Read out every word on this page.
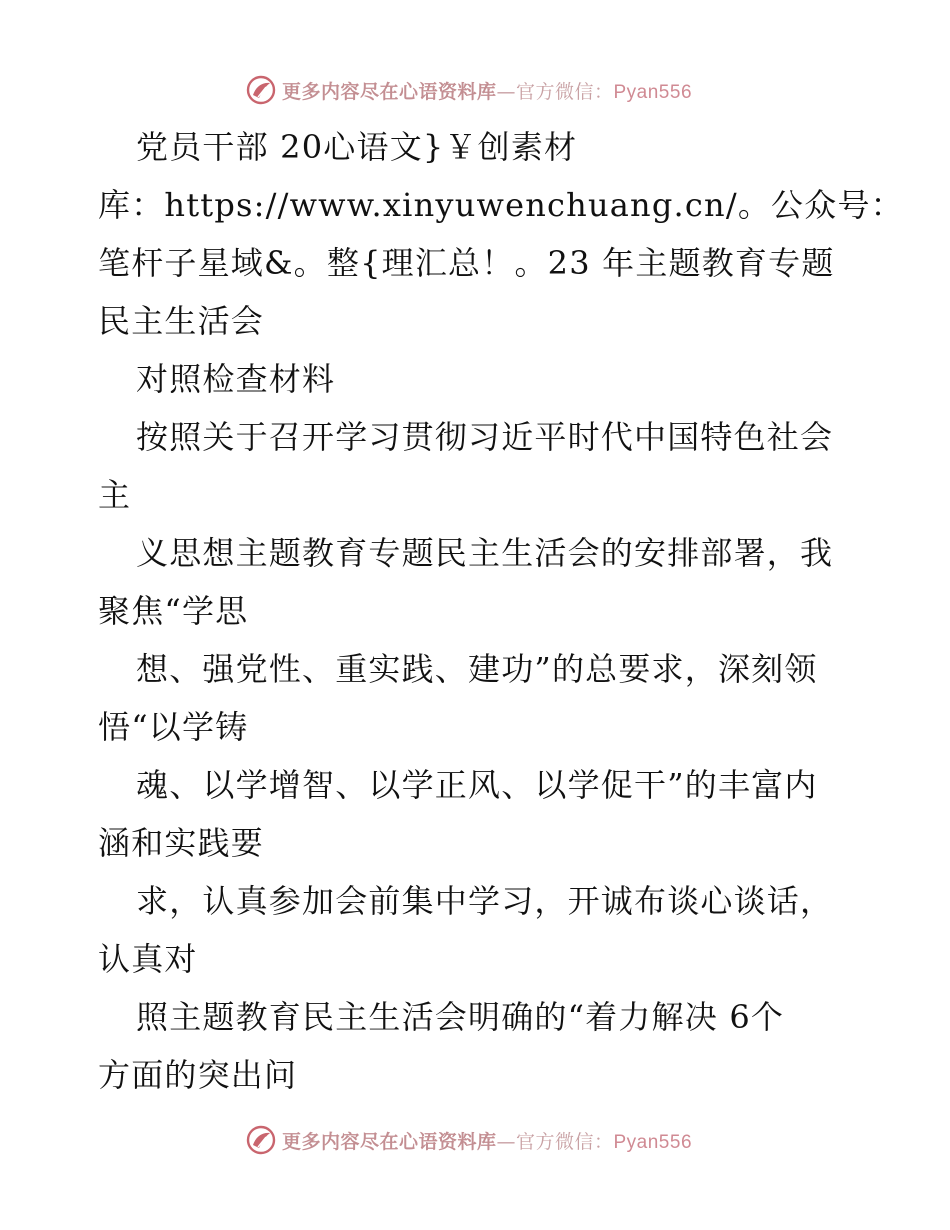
更多内容尽在心语资料库—官方微信：Pyan556
党员干部 20心语文}￥创素材
库：https://www.xinyuwenchuang.cn/。公众号：
笔杆子星域&。整{理汇总！。23 年主题教育专题
民主生活会
对照检查材料
按照关于召开学习贯彻习近平时代中国特色社会
主
义思想主题教育专题民主生活会的安排部署，我
聚焦“学思
想、强党性、重实践、建功”的总要求，深刻领
悟“以学铸
魂、以学增智、以学正风、以学促干”的丰富内
涵和实践要
求，认真参加会前集中学习，开诚布谈心谈话，
认真对
照主题教育民主生活会明确的“着力解决 6个
方面的突出问
更多内容尽在心语资料库—官方微信：Pyan556
